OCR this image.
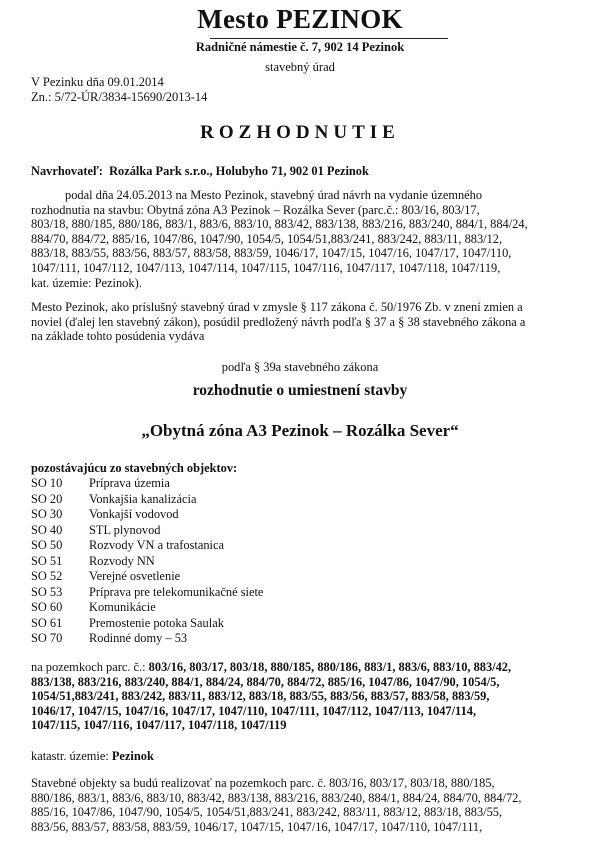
Mesto PEZINOK
Radničné námestie č. 7, 902 14 Pezinok
stavebný úrad
V Pezinku dňa 09.01.2014
Zn.: 5/72-ÚR/3834-15690/2013-14
ROZHODNUTIE
Navrhovateľ: Rozálka Park s.r.o., Holubyho 71, 902 01 Pezinok
podal dňa 24.05.2013 na Mesto Pezinok, stavebný úrad návrh na vydanie územného
rozhodnutia na stavbu: Obytná zóna A3 Pezinok – Rozálka Sever (parc.č.: 803/16, 803/17,
803/18, 880/185, 880/186, 883/1, 883/6, 883/10, 883/42, 883/138, 883/216, 883/240, 884/1, 884/24,
884/70, 884/72, 885/16, 1047/86, 1047/90, 1054/5, 1054/51,883/241, 883/242, 883/11, 883/12,
883/18, 883/55, 883/56, 883/57, 883/58, 883/59, 1046/17, 1047/15, 1047/16, 1047/17, 1047/110,
1047/111, 1047/112, 1047/113, 1047/114, 1047/115, 1047/116, 1047/117, 1047/118, 1047/119,
kat. územie: Pezinok).
Mesto Pezinok, ako príslušný stavebný úrad v zmysle § 117 zákona č. 50/1976 Zb. v znení zmien a
noviel (ďalej len stavebný zákon), posúdil predložený návrh podľa § 37 a § 38 stavebného zákona a
na základe tohto posúdenia vydáva
podľa § 39a stavebného zákona
rozhodnutie o umiestnení stavby
„Obytná zóna A3 Pezinok – Rozálka Sever“
pozostávajúcu zo stavebných objektov:
SO 10	Príprava územia
SO 20	Vonkajšia kanalizácia
SO 30	Vonkajší vodovod
SO 40	STL plynovod
SO 50	Rozvody VN a trafostanica
SO 51	Rozvody NN
SO 52	Verejné osvetlenie
SO 53	Príprava pre telekomunikačné siete
SO 60	Komunikácie
SO 61	Premostenie potoka Saulak
SO 70	Rodinné domy – 53
na pozemkoch parc. č.: 803/16, 803/17, 803/18, 880/185, 880/186, 883/1, 883/6, 883/10, 883/42,
883/138, 883/216, 883/240, 884/1, 884/24, 884/70, 884/72, 885/16, 1047/86, 1047/90, 1054/5,
1054/51,883/241, 883/242, 883/11, 883/12, 883/18, 883/55, 883/56, 883/57, 883/58, 883/59,
1046/17, 1047/15, 1047/16, 1047/17, 1047/110, 1047/111, 1047/112, 1047/113, 1047/114,
1047/115, 1047/116, 1047/117, 1047/118, 1047/119
katastr. územie: Pezinok
Stavebné objekty sa budú realizovať na pozemkoch parc. č. 803/16, 803/17, 803/18, 880/185,
880/186, 883/1, 883/6, 883/10, 883/42, 883/138, 883/216, 883/240, 884/1, 884/24, 884/70, 884/72,
885/16, 1047/86, 1047/90, 1054/5, 1054/51,883/241, 883/242, 883/11, 883/12, 883/18, 883/55,
883/56, 883/57, 883/58, 883/59, 1046/17, 1047/15, 1047/16, 1047/17, 1047/110, 1047/111,
